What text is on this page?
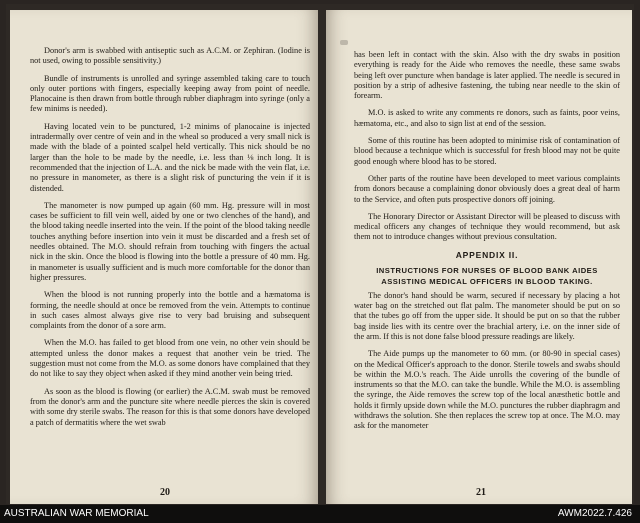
Donor's arm is swabbed with antiseptic such as A.C.M. or Zephiran. (Iodine is not used, owing to possible sensitivity.)

Bundle of instruments is unrolled and syringe assembled taking care to touch only outer portions with fingers, especially keeping away from point of needle. Planocaine is then drawn from bottle through rubber diaphragm into syringe (only a few minims is needed).

Having located vein to be punctured, 1-2 minims of planocaine is injected intradermally over centre of vein and in the wheal so produced a very small nick is made with the blade of a pointed scalpel held vertically. This nick should be no larger than the hole to be made by the needle, i.e. less than ⅛ inch long. It is recommended that the injection of L.A. and the nick be made with the vein flat, i.e. no pressure in manometer, as there is a slight risk of puncturing the vein if it is distended.

The manometer is now pumped up again (60 mm. Hg. pressure will in most cases be sufficient to fill vein well, aided by one or two clenches of the hand), and the blood taking needle inserted into the vein. If the point of the blood taking needle touches anything before insertion into vein it must be discarded and a fresh set of needles obtained. The M.O. should refrain from touching with fingers the actual nick in the skin. Once the blood is flowing into the bottle a pressure of 40 mm. Hg. in manometer is usually sufficient and is much more comfortable for the donor than higher pressures.

When the blood is not running properly into the bottle and a hæmatoma is forming, the needle should at once be removed from the vein. Attempts to continue in such cases almost always give rise to very bad bruising and subsequent complaints from the donor of a sore arm.

When the M.O. has failed to get blood from one vein, no other vein should be attempted unless the donor makes a request that another vein be tried. The suggestion must not come from the M.O. as some donors have complained that they do not like to say they object when asked if they mind another vein being tried.

As soon as the blood is flowing (or earlier) the A.C.M. swab must be removed from the donor's arm and the puncture site where needle pierces the skin is covered with some dry sterile swabs. The reason for this is that some donors have developed a patch of dermatitis where the wet swab

20

has been left in contact with the skin. Also with the dry swabs in position everything is ready for the Aide who removes the needle, these same swabs being left over puncture when bandage is later applied. The needle is secured in position by a strip of adhesive fastening, the tubing near needle to the skin of forearm.

M.O. is asked to write any comments re donors, such as faints, poor veins, hæmatoma, etc., and also to sign list at end of the session.

Some of this routine has been adopted to minimise risk of contamination of blood because a technique which is successful for fresh blood may not be quite good enough where blood has to be stored.

Other parts of the routine have been developed to meet various complaints from donors because a complaining donor obviously does a great deal of harm to the Service, and often puts prospective donors off joining.

The Honorary Director or Assistant Director will be pleased to discuss with medical officers any changes of technique they would recommend, but ask them not to introduce changes without previous consultation.

APPENDIX II.
INSTRUCTIONS FOR NURSES OF BLOOD BANK AIDES
ASSISTING MEDICAL OFFICERS IN BLOOD TAKING.

The donor's hand should be warm, secured if necessary by placing a hot water bag on the stretched out flat palm. The manometer should be put on so that the tubes go off from the upper side. It should be put on so that the rubber bag inside lies with its centre over the brachial artery, i.e. on the inner side of the arm. If this is not done false blood pressure readings are likely.

The Aide pumps up the manometer to 60 mm. (or 80-90 in special cases) on the Medical Officer's approach to the donor. Sterile towels and swabs should be within the M.O.'s reach. The Aide unrolls the covering of the bundle of instruments so that the M.O. can take the bundle. While the M.O. is assembling the syringe, the Aide removes the screw top of the local anæsthetic bottle and holds it firmly upside down while the M.O. punctures the rubber diaphragm and withdraws the solution. She then replaces the screw top at once. The M.O. may ask for the manometer

21
AUSTRALIAN WAR MEMORIAL	AWM2022.7.426
